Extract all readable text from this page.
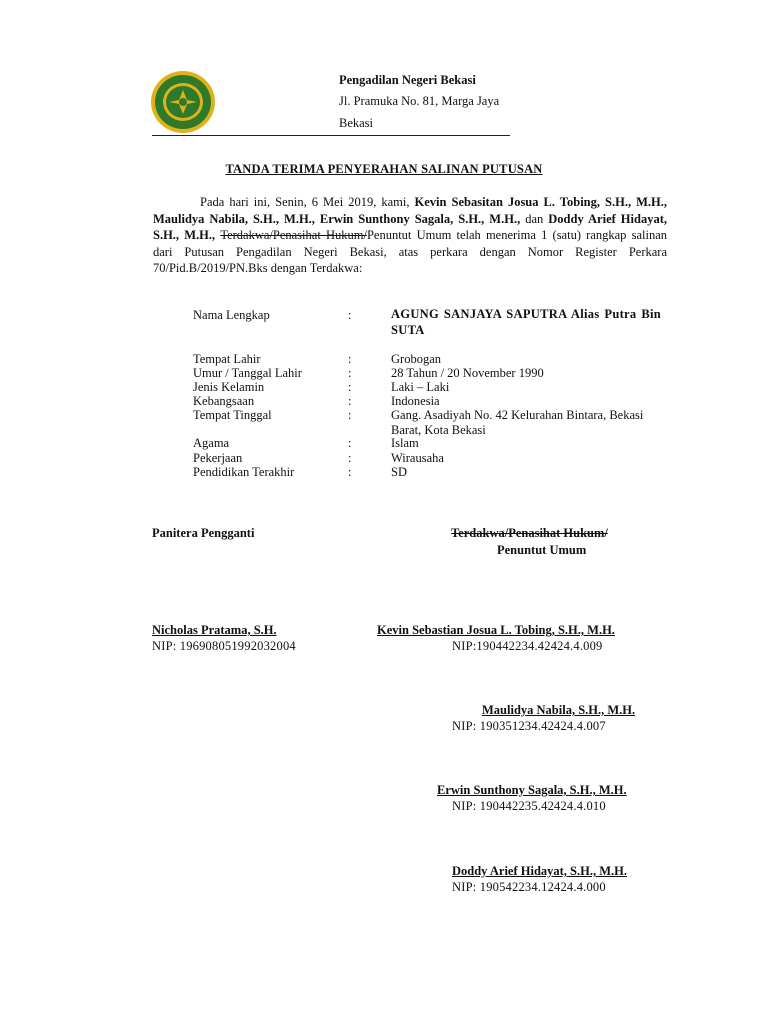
Pengadilan Negeri Bekasi
Jl. Pramuka No. 81, Marga Jaya
Bekasi
TANDA TERIMA PENYERAHAN SALINAN PUTUSAN
Pada hari ini, Senin, 6 Mei 2019, kami, Kevin Sebasitan Josua L. Tobing, S.H., M.H., Maulidya Nabila, S.H., M.H., Erwin Sunthony Sagala, S.H., M.H., dan Doddy Arief Hidayat, S.H., M.H., Terdakwa/Penasihat Hukum/Penuntut Umum telah menerima 1 (satu) rangkap salinan dari Putusan Pengadilan Negeri Bekasi, atas perkara dengan Nomor Register Perkara 70/Pid.B/2019/PN.Bks dengan Terdakwa:
Nama Lengkap	:	AGUNG SANJAYA SAPUTRA Alias Putra Bin SUTA
Tempat Lahir	:	Grobogan
Umur / Tanggal Lahir	:	28 Tahun / 20 November 1990
Jenis Kelamin	:	Laki – Laki
Kebangsaan	:	Indonesia
Tempat Tinggal	:	Gang. Asadiyah No. 42 Kelurahan Bintara, Bekasi Barat, Kota Bekasi
Agama	:	Islam
Pekerjaan	:	Wirausaha
Pendidikan Terakhir	:	SD
Panitera Pengganti	Terdakwa/Penasihat Hukum/
Penuntut Umum
Nicholas Pratama, S.H.
NIP: 196908051992032004
Kevin Sebastian Josua L. Tobing, S.H., M.H.
NIP:190442234.42424.4.009
Maulidya Nabila, S.H., M.H.
NIP: 190351234.42424.4.007
Erwin Sunthony Sagala, S.H., M.H.
NIP: 190442235.42424.4.010
Doddy Arief Hidayat, S.H., M.H.
NIP: 190542234.12424.4.000
